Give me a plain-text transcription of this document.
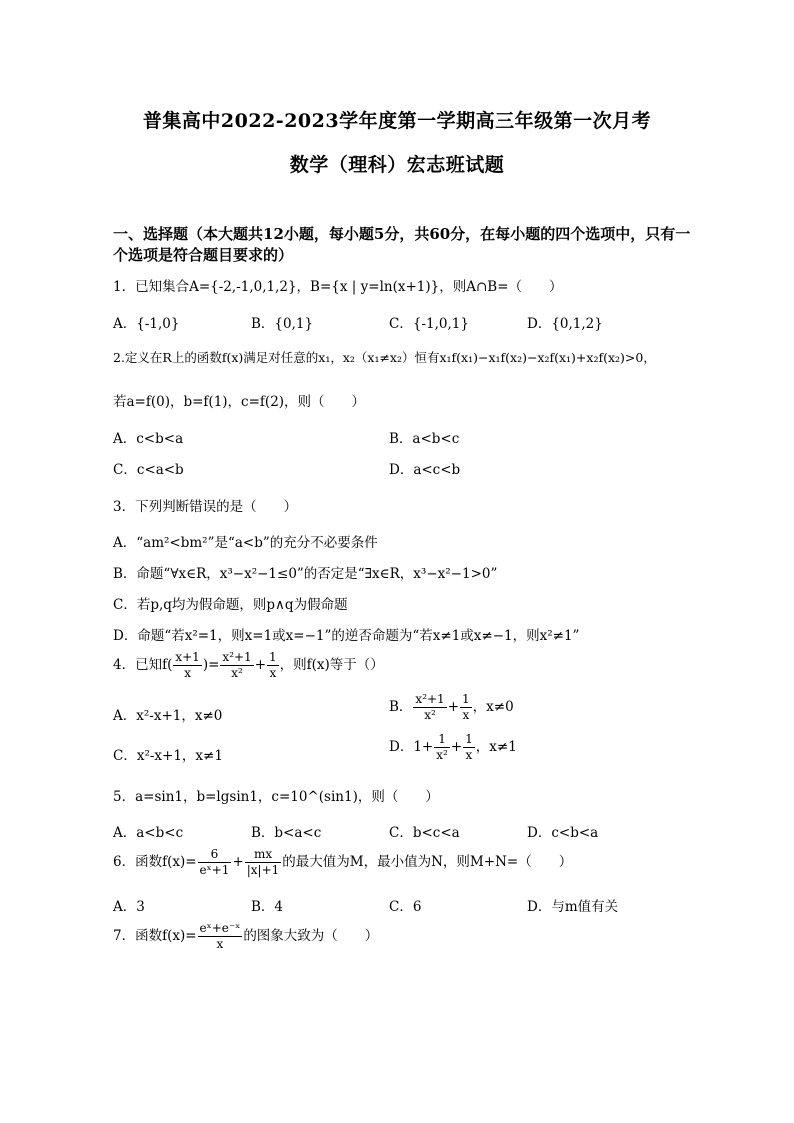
普集高中2022-2023学年度第一学期高三年级第一次月考
数学（理科）宏志班试题
一、选择题（本大题共12小题，每小题5分，共60分，在每小题的四个选项中，只有一个选项是符合题目要求的）
1．已知集合A={-2,-1,0,1,2}，B={x | y=ln(x+1)}，则A∩B=（　　）
A．{-1,0}	B．{0,1}	C．{-1,0,1}	D．{0,1,2}
2.定义在R上的函数f(x)满足对任意的x₁，x₂（x₁≠x₂）恒有x₁f(x₁)−x₁f(x₂)−x₂f(x₁)+x₂f(x₂)>0，
若a=f(0)，b=f(1)，c=f(2)，则（　　）
A．c<b<a	B．a<b<c
C．c<a<b	D．a<c<b
3．下列判断错误的是（　　）
A．“am²<bm²”是“a<b”的充分不必要条件
B．命题“∀x∈R，x³−x²−1≤0”的否定是“∃x∈R，x³−x²−1>0”
C．若p,q均为假命题，则p∧q为假命题
D．命题“若x²=1，则x=1或x=−1”的逆否命题为“若x≠1或x≠−1，则x²≠1”
4．已知$f( \frac{x+1}{x}$ )= $\frac{\text{x²+1}}{\text{x²}} + \frac{1}{x}$ ，则f(x)等于（）
A．x²-x+1，x≠0
B． $\frac{\text{x²+1}}{\text{x²}} + \frac{1}{x}$ ，x≠0
C．x²-x+1，x≠1
D．$1+ \frac{1}{\text{x²}} + \frac{1}{x}$ ，x≠1
5．a=sin1，b=lgsin1，c=10^(sin1)，则（　　）
A．a<b<c	B．b<a<c	C．b<c<a	D．c<b<a
6．函数$f(x)= \frac{6}{\text{eˣ+1}} + \frac{mx}{|x|+1}$ 的最大值为M，最小值为N，则M+N=（　　）
A．3	B．4	C．6	D．与m值有关
7．函数$f(x)= \frac{\text{eˣ+e⁻ˣ}}{x}$ 的图象大致为（　　）
